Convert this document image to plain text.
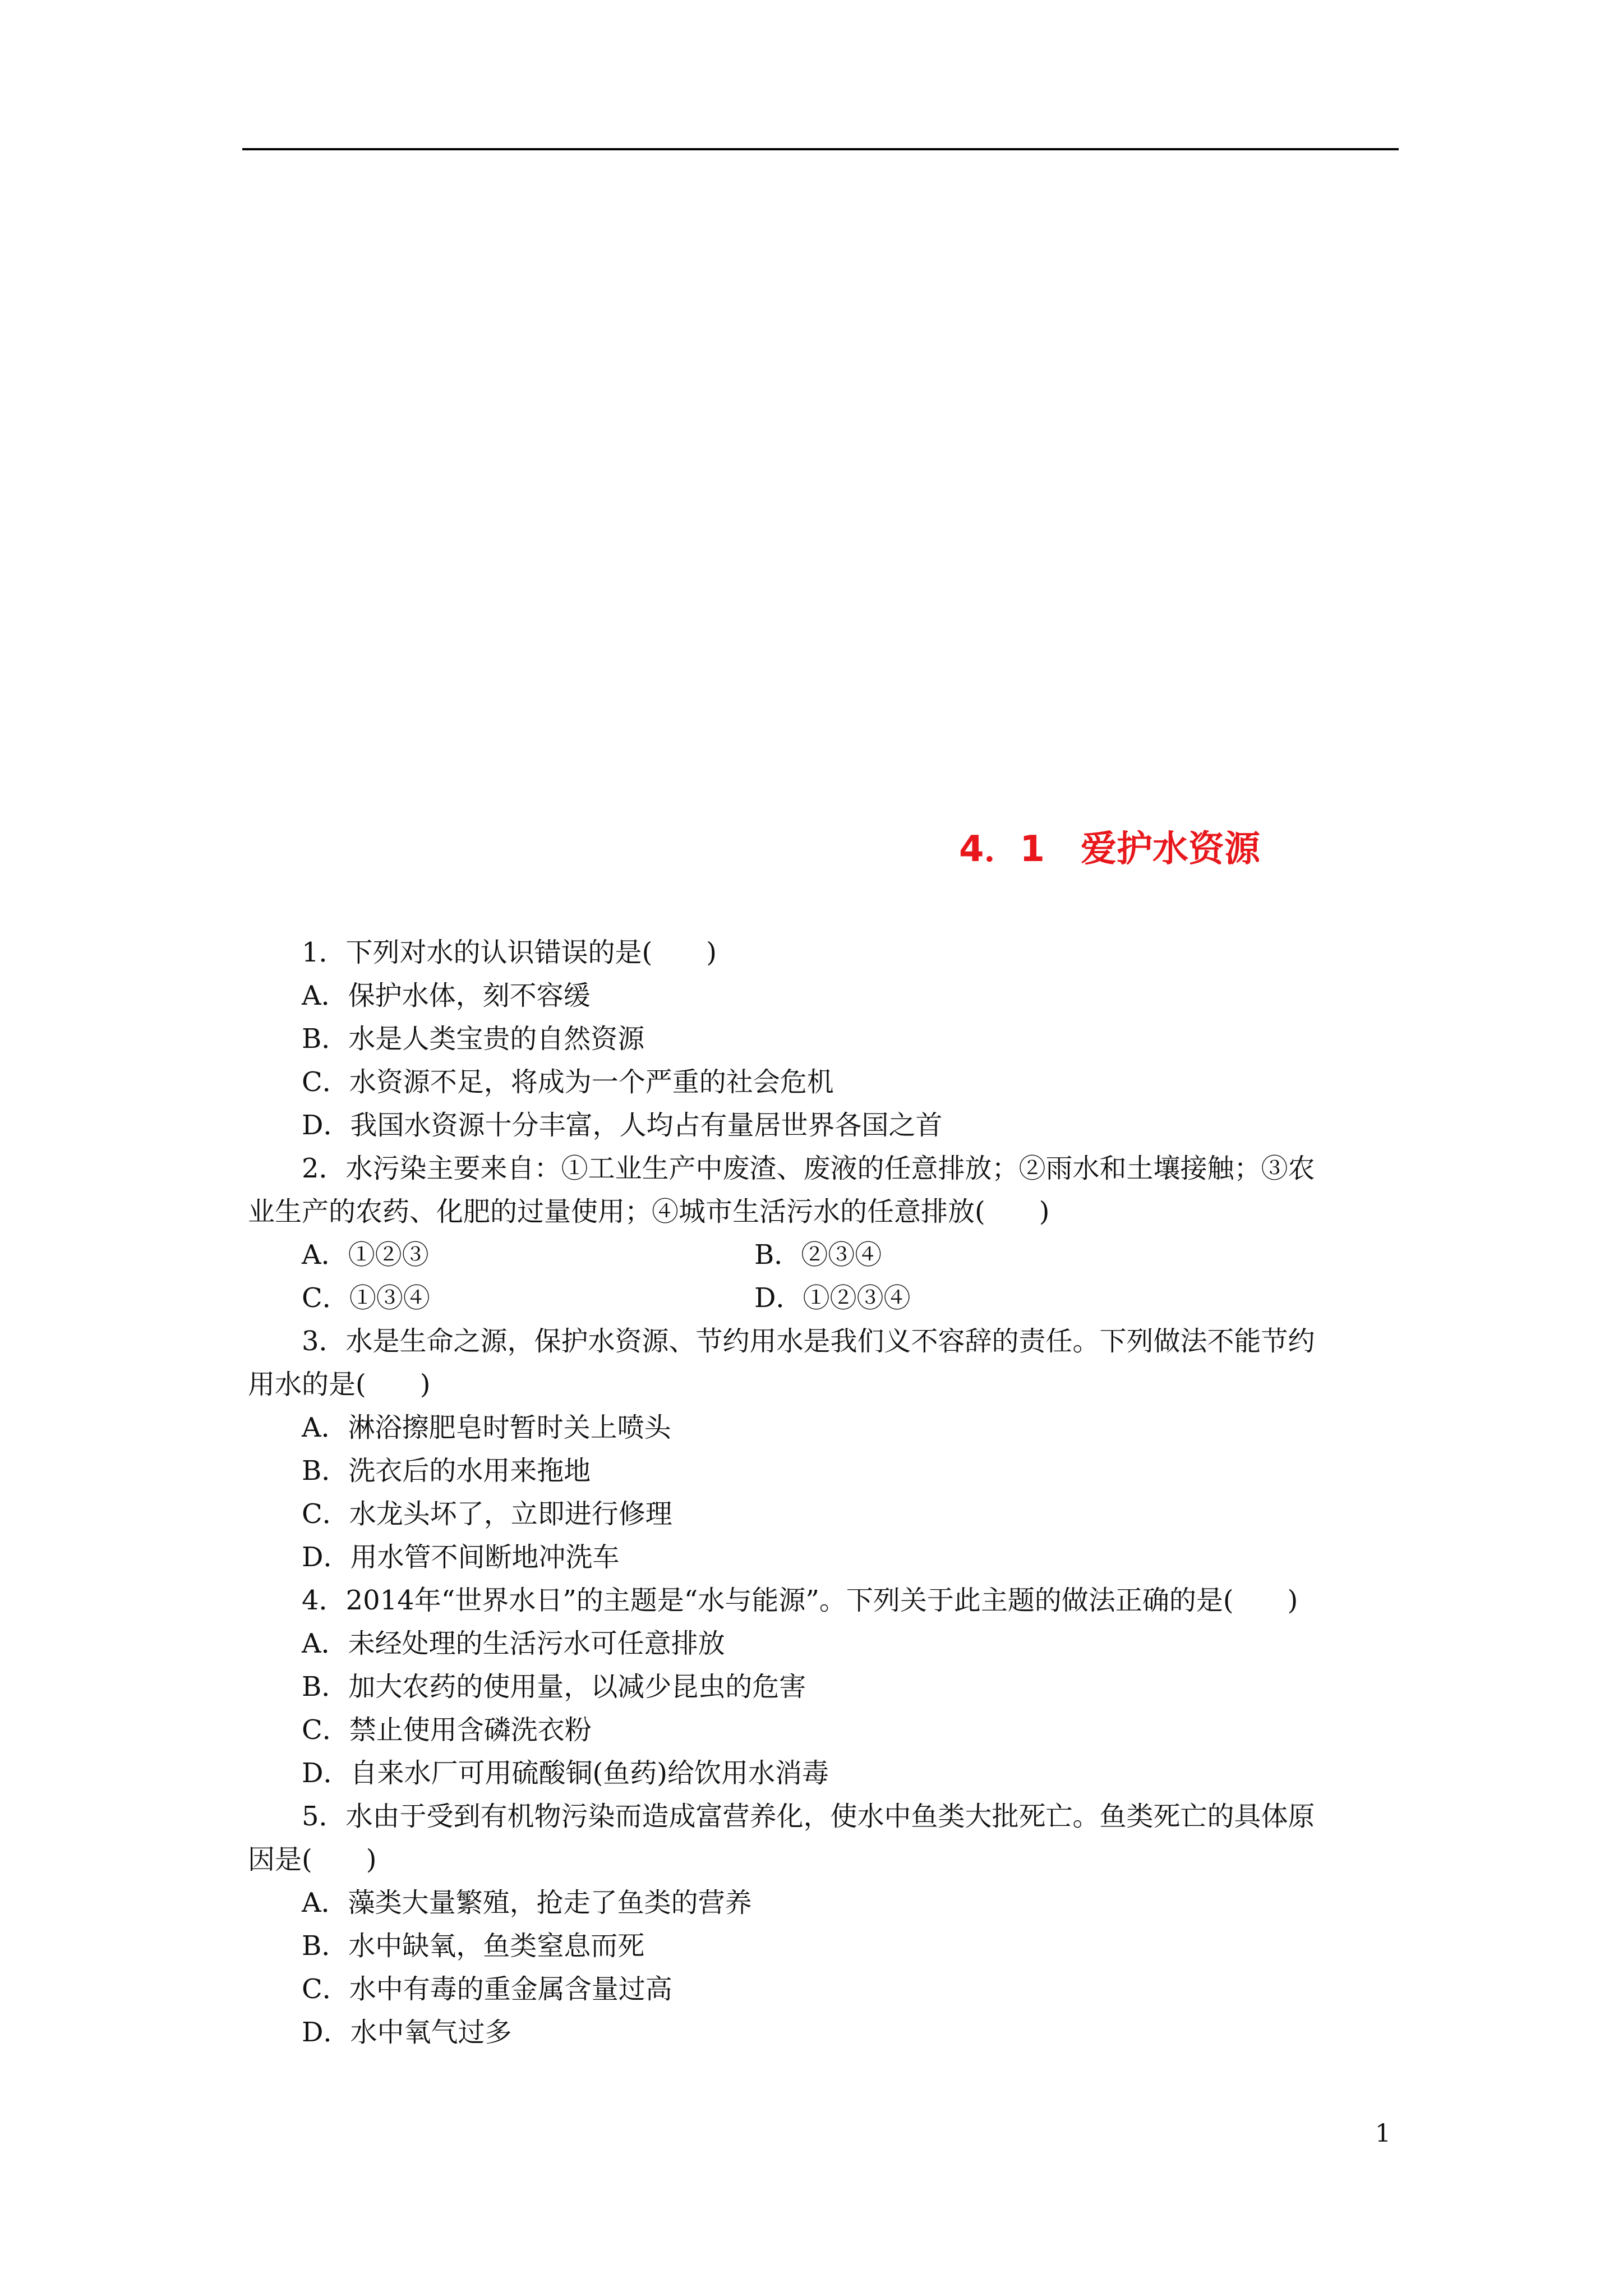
4．1　爱护水资源
1．下列对水的认识错误的是(　　)
A．保护水体，刻不容缓
B．水是人类宝贵的自然资源
C．水资源不足，将成为一个严重的社会危机
D．我国水资源十分丰富，人均占有量居世界各国之首
2．水污染主要来自：①工业生产中废渣、废液的任意排放；②雨水和土壤接触；③农
业生产的农药、化肥的过量使用；④城市生活污水的任意排放(　　)
A．①②③	B．②③④
C．①③④	D．①②③④
3．水是生命之源，保护水资源、节约用水是我们义不容辞的责任。下列做法不能节约
用水的是(　　)
A．淋浴擦肥皂时暂时关上喷头
B．洗衣后的水用来拖地
C．水龙头坏了，立即进行修理
D．用水管不间断地冲洗车
4．2014年“世界水日”的主题是“水与能源”。下列关于此主题的做法正确的是(　　)
A．未经处理的生活污水可任意排放
B．加大农药的使用量，以减少昆虫的危害
C．禁止使用含磷洗衣粉
D．自来水厂可用硫酸铜(鱼药)给饮用水消毒
5．水由于受到有机物污染而造成富营养化，使水中鱼类大批死亡。鱼类死亡的具体原
因是(　　)
A．藻类大量繁殖，抢走了鱼类的营养
B．水中缺氧，鱼类窒息而死
C．水中有毒的重金属含量过高
D．水中氧气过多
1
